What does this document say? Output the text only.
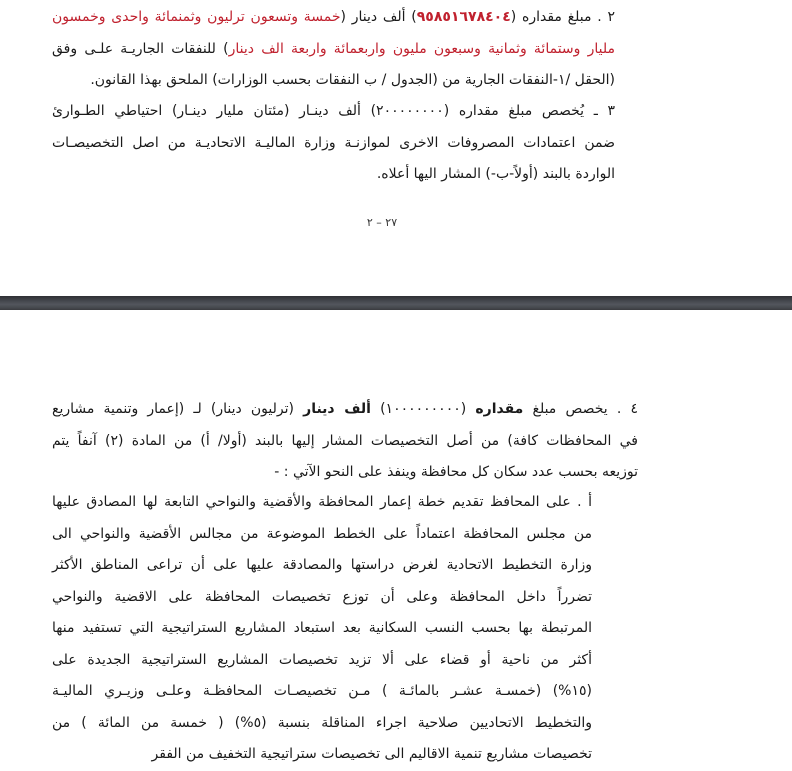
٢ . مبلغ مقداره (٩٥٨٥١٦٧٨٤٠٤) ألف دينار (خمسة وتسعون ترليون وثمنمائة واحدى وخمسون
مليار وستمائة وثمانية وسبعون مليون واربعمائة واربعة الف دينار) للنفقات الجاريـة علـى وفق
(الحقل /١-النفقات الجارية من (الجدول / ب النفقات بحسب الوزارات) الملحق بهذا القانون.
٣ ـ يُخصص مبلغ مقداره (٢٠٠٠٠٠٠٠٠) ألف دينـار (مئتان مليار دينـار) احتياطي الطـوارئ
ضمن اعتمادات المصروفات الاخرى لموازنـة وزارة الماليـة الاتحاديـة من اصل التخصيصـات
الواردة بالبند (أولاً-ب-) المشار اليها أعلاه.
٢٧ – ٢
٤ . يخصص مبلغ مقداره (١٠٠٠٠٠٠٠٠٠) ألف دينار (ترليون دينار) لـ (إعمار وتنمية مشاريع
في المحافظات كافة) من أصل التخصيصات المشار إليها بالبند (أولا/ أ) من المادة (٢) آنفاً يتم
توزيعه بحسب عدد سكان كل محافظة وينفذ على النحو الآتي : -
أ . على المحافظ تقديم خطة إعمار المحافظة والأقضية والنواحي التابعة لها المصادق عليها
من مجلس المحافظة اعتماداً على الخطط الموضوعة من مجالس الأقضية والنواحي الى
وزارة التخطيط الاتحادية لغرض دراستها والمصادقة عليها على أن تراعى المناطق الأكثر
تضرراً داخل المحافظة وعلى أن توزع تخصيصات المحافظة على الاقضية والنواحي
المرتبطة بها بحسب النسب السكانية بعد استبعاد المشاريع الستراتيجية التي تستفيد منها
أكثر من ناحية أو قضاء على ألا تزيد تخصيصات المشاريع الستراتيجية الجديدة على
(١٥%) (خمسـة عشـر بالمائـة ) مـن تخصيصـات المحافظـة وعلـى وزيـري الماليـة
والتخطيط الاتحاديين صلاحية اجراء المناقلة بنسبة (٥%) ( خمسة من المائة ) من
تخصيصات مشاريع تنمية الاقاليم الى تخصيصات ستراتيجية التخفيف من الفقر
